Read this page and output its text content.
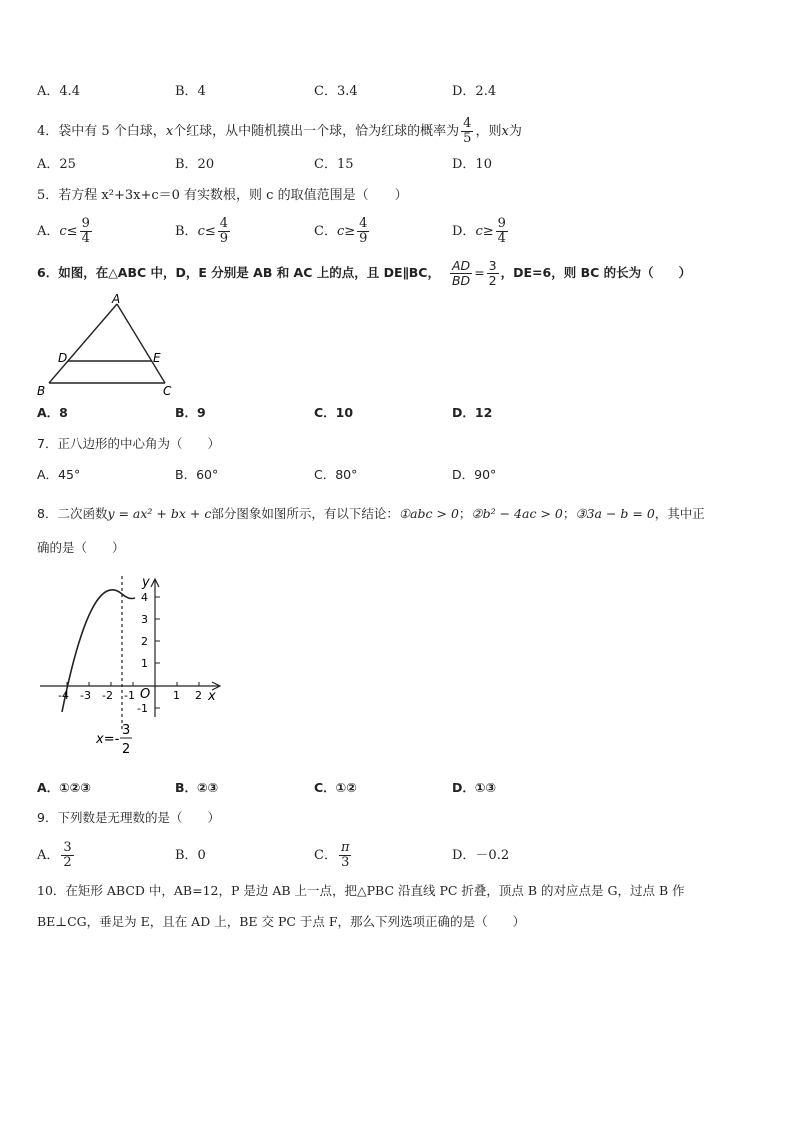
A．4.4	B．4	C．3.4	D．2.4
4．袋中有 5 个白球， x 个红球，从中随机摸出一个球，恰为红球的概率为 $\frac{4}{5}$ ，则 x 为
A．25	B．20	C．15	D．10
5．若方程 x²+3x+c＝0 有实数根，则 c 的取值范围是（　　）
A． $c\le \frac{9}{4}$	B． $c\le \frac{4}{9}$	C． $c\ge \frac{4}{9}$	D． $c\ge \frac{9}{4}$
6．如图，在△ABC 中，D，E 分别是 AB 和 AC 上的点，且 DE∥BC， $\frac{AD}{BD} = \frac{3}{2}$ ，DE=6，则 BC 的长为（　　）
A
D	E
B	C
A．8	B．9	C．10	D．12
7．正八边形的中心角为（　　）
A．45°	B．60°	C．80°	D．90°
8．二次函数 y = ax² + bx + c 部分图象如图所示，有以下结论： ①abc > 0 ； ②b² − 4ac > 0 ； ③3a − b = 0 ，其中正
确的是（　　）
y
x
O
4
3
2
1
-1
-4 -3 -2 -1	1 2
x=-
3
2
A．①②③	B．②③	C．①②	D．①③
9．下列数是无理数的是（　　）
A． $\frac{3}{2}$	B．0	C． $\frac{\pi}{3}$	D．－0.2
10．在矩形 ABCD 中，AB=12，P 是边 AB 上一点，把△PBC 沿直线 PC 折叠，顶点 B 的对应点是 G，过点 B 作
BE⊥CG，垂足为 E，且在 AD 上，BE 交 PC 于点 F，那么下列选项正确的是（　　）
